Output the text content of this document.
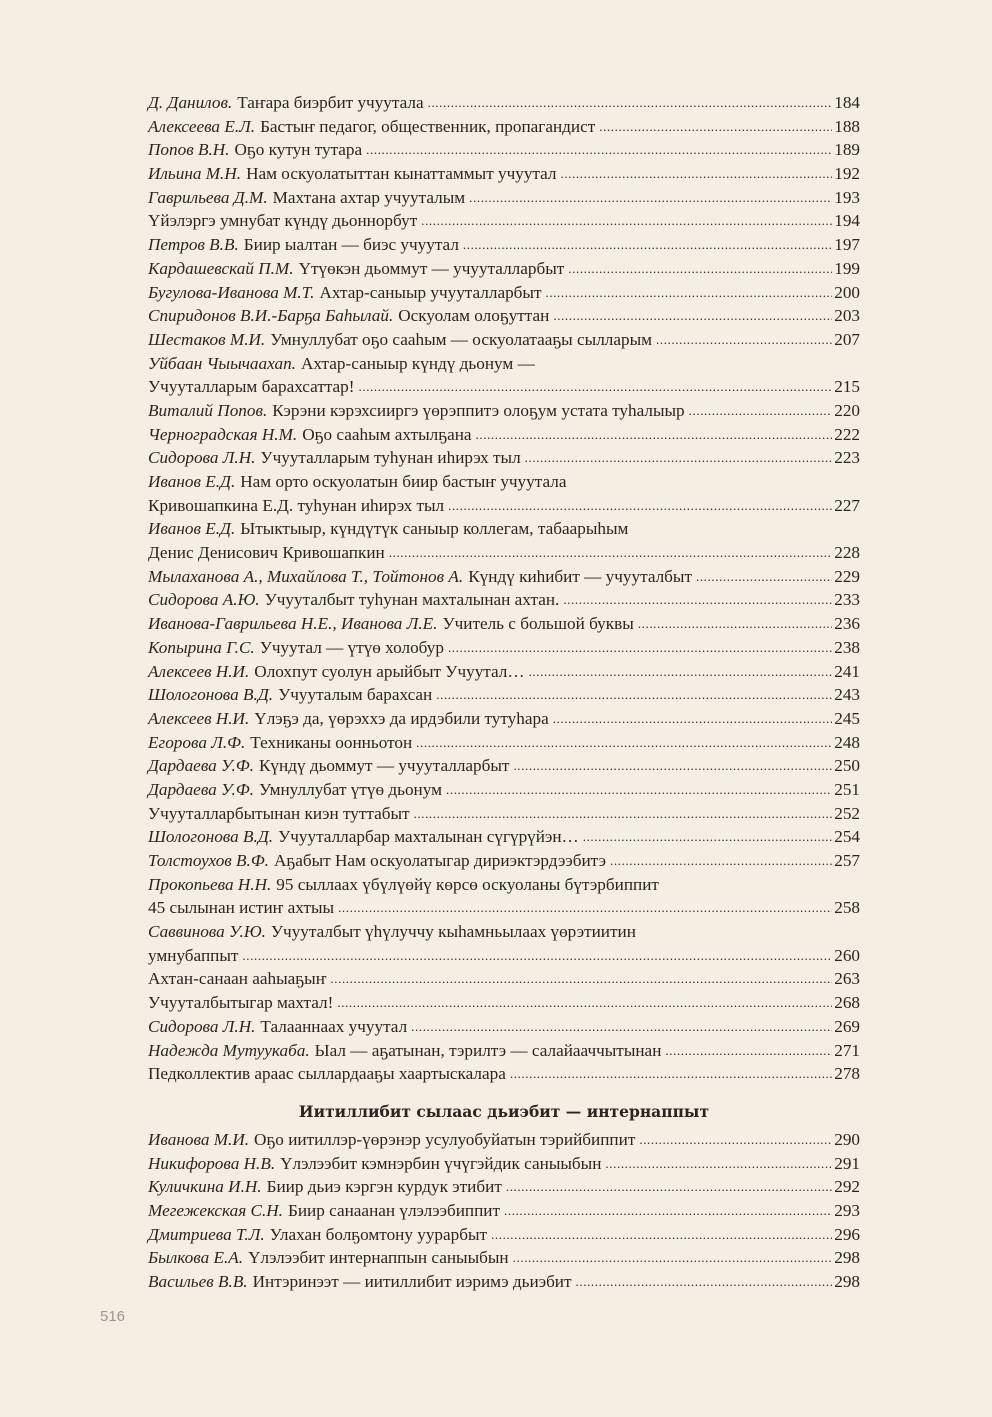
Д. Данилов. Таҥара биэрбит учуутала .....	184
Алексеева Е.Л. Бастыҥ педагог, общественник, пропагандист .....	188
Попов В.Н. Оҕо кутун тутара .....	189
Ильина М.Н. Нам оскуолатыттан кынаттаммыт учуутал .....	192
Гаврильева Д.М. Махтана ахтар учууталым .....	193
Үйэлэргэ умнубат күндү дьоннорбут .....	194
Петров В.В. Биир ыалтан — биэс учуутал .....	197
Кардашевскай П.М. Үтүөкэн дьоммут — учууталларбыт .....	199
Бугулова-Иванова М.Т. Ахтар-саныыр учууталларбыт .....	200
Спиридонов В.И.-Барҕа Баһылай. Оскуолам олоҕуттан .....	203
Шестаков М.И. Умнуллубат оҕо сааһым — оскуолатааҕы сылларым .....	207
Уйбаан Чыычаахап. Ахтар-саныыр күндү дьонум —
Учууталларым барахсаттар! .....	215
Виталий Попов. Кэрэни кэрэхсииргэ үөрэппитэ олоҕум устата туһалыыр .....	220
Черноградская Н.М. Оҕо сааһым ахтылҕана .....	222
Сидорова Л.Н. Учууталларым туһунан иһирэх тыл .....	223
Иванов Е.Д. Нам орто оскуолатын биир бастыҥ учуутала
Кривошапкина Е.Д. туһунан иһирэх тыл .....	227
Иванов Е.Д. Ытыктыыр, күндүтүк саныыр коллегам, табаарыһым
Денис Денисович Кривошапкин .....	228
Мылаханова А., Михайлова Т., Тойтонов А. Күндү киһибит — учууталбыт .....	229
Сидорова А.Ю. Учууталбыт туһунан махталынан ахтан. .....	233
Иванова-Гаврильева Н.Е., Иванова Л.Е. Учитель с большой буквы .....	236
Копырина Г.С. Учуутал — үтүө холобур .....	238
Алексеев Н.И. Олохпут суолун арыйбыт Учуутал… .....	241
Шологонова В.Д. Учууталым барахсан .....	243
Алексеев Н.И. Үлэҕэ да, үөрэххэ да ирдэбили тутуһара .....	245
Егорова Л.Ф. Техниканы оонньотон .....	248
Дардаева У.Ф. Күндү дьоммут — учууталларбыт .....	250
Дардаева У.Ф. Умнуллубат үтүө дьонум .....	251
Учууталларбытынан киэн туттабыт .....	252
Шологонова В.Д. Учууталларбар махталынан сүгүрүйэн… .....	254
Толстоухов В.Ф. Аҕабыт Нам оскуолатыгар дириэктэрдээбитэ .....	257
Прокопьева Н.Н. 95 сыллаах үбүлүөйү көрсө оскуоланы бүтэрбиппит
45 сылынан истиҥ ахтыы .....	258
Саввинова У.Ю. Учууталбыт үһүлуччу кыһамньылаах үөрэтиитин
умнубаппыт .....	260
Ахтан-санаан ааһыаҕыҥ .....	263
Учууталбытыгар махтал! .....	268
Сидорова Л.Н. Талааннаах учуутал .....	269
Надежда Мутуукаба. Ыал — аҕатынан, тэрилтэ — салайааччытынан .....	271
Педколлектив араас сыллардааҕы хаартыскалара .....	278
Иитиллибит сылаас дьиэбит — интернаппыт
Иванова М.И. Оҕо иитиллэр-үөрэнэр усулуобуйатын тэрийбиппит .....	290
Никифорова Н.В. Үлэлээбит кэмнэрбин үчүгэйдик саныыбын .....	291
Куличкина И.Н. Биир дьиэ кэргэн курдук этибит .....	292
Мегежекская С.Н. Биир санаанан үлэлээбиппит .....	293
Дмитриева Т.Л. Улахан болҕомтону уурарбыт .....	296
Былкова Е.А. Үлэлээбит интернаппын саныыбын .....	298
Васильев В.В. Интэринээт — иитиллибит иэримэ дьиэбит .....	298
516
